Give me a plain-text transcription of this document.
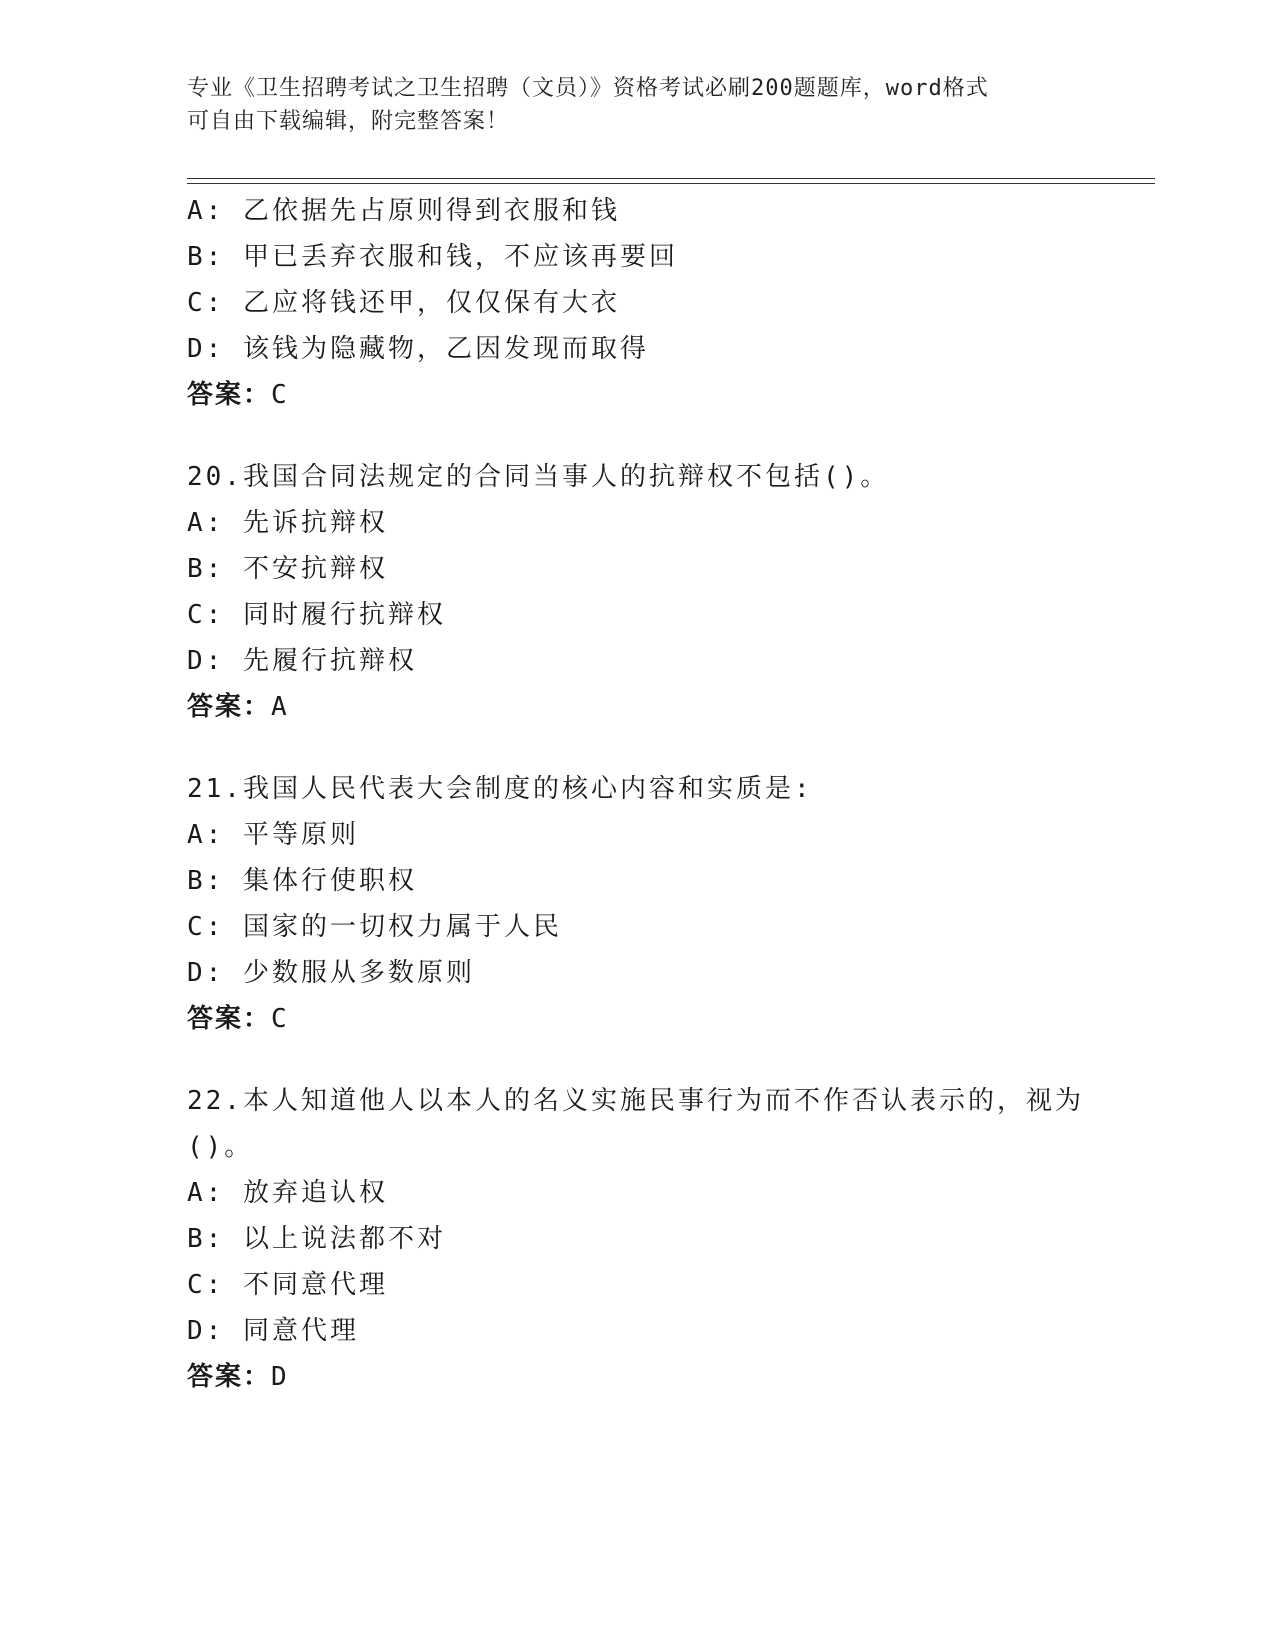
专业《卫生招聘考试之卫生招聘（文员）》资格考试必刷200题题库，word格式
可自由下载编辑，附完整答案！
A: 乙依据先占原则得到衣服和钱
B: 甲已丢弃衣服和钱，不应该再要回
C: 乙应将钱还甲，仅仅保有大衣
D: 该钱为隐藏物，乙因发现而取得
答案：C
20.我国合同法规定的合同当事人的抗辩权不包括()。
A: 先诉抗辩权
B: 不安抗辩权
C: 同时履行抗辩权
D: 先履行抗辩权
答案：A
21.我国人民代表大会制度的核心内容和实质是:
A: 平等原则
B: 集体行使职权
C: 国家的一切权力属于人民
D: 少数服从多数原则
答案：C
22.本人知道他人以本人的名义实施民事行为而不作否认表示的，视为
()。
A: 放弃追认权
B: 以上说法都不对
C: 不同意代理
D: 同意代理
答案：D
